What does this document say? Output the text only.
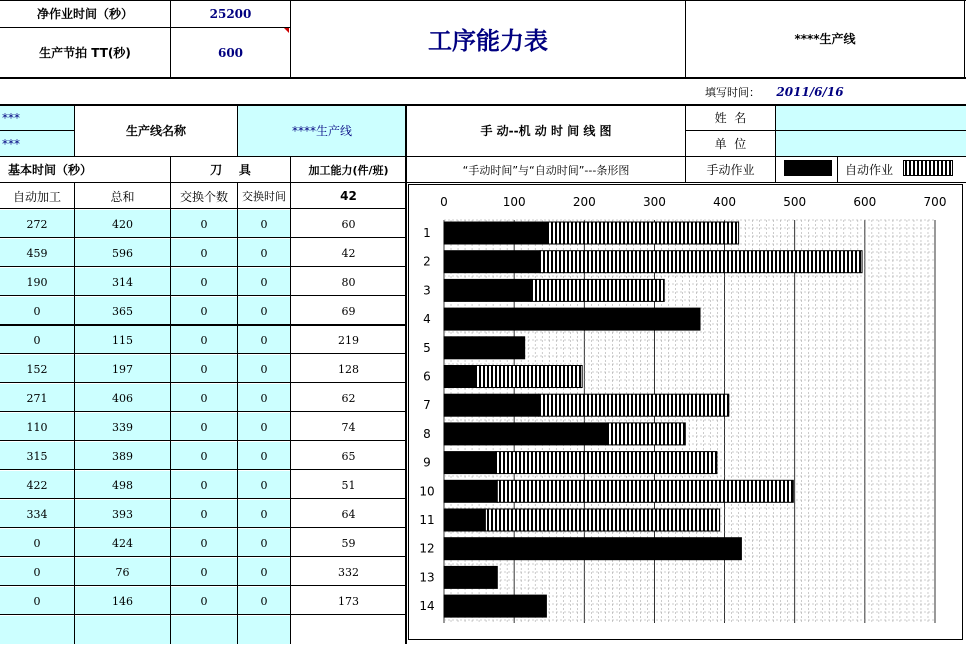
净作业时间（秒）	25200
生产节拍 TT(秒)	600	工序能力表	****生产线
填写时间：	2011/6/16
***
***
生产线名称	****生产线	手 动--机 动 时 间 线 图
姓  名
单  位
基本时间（秒）	刀    具	加工能力(件/班)	“手动时间”与“自动时间”---条形图	手动作业	自动作业
自动加工	总和	交换个数	交换时间	42
272	420	0	0	60
459	596	0	0	42
190	314	0	0	80
0	365	0	0	69
0	115	0	0	219
152	197	0	0	128
271	406	0	0	62
110	339	0	0	74
315	389	0	0	65
422	498	0	0	51
334	393	0	0	64
0	424	0	0	59
0	76	0	0	332
0	146	0	0	173
0	100	200	300	400	500	600	700
1
2
3
4
5
6
7
8
9
10
11
12
13
14
